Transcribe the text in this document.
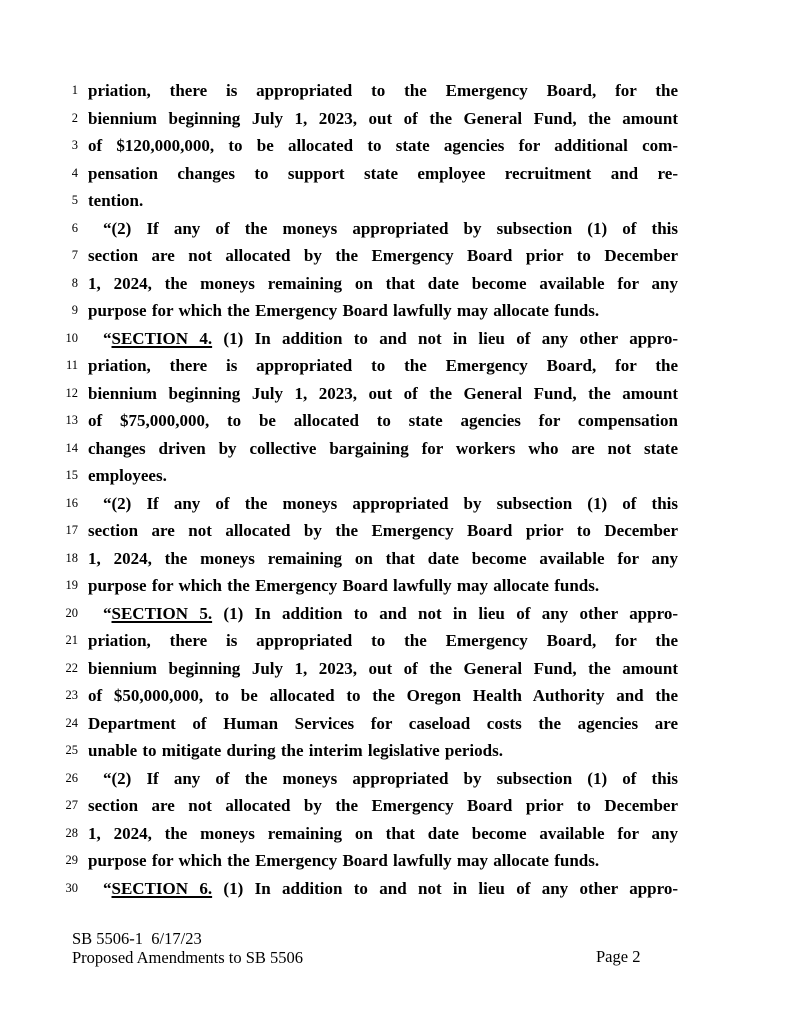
1 priation, there is appropriated to the Emergency Board, for the
2 biennium beginning July 1, 2023, out of the General Fund, the amount
3 of $120,000,000, to be allocated to state agencies for additional com-
4 pensation changes to support state employee recruitment and re-
5 tention.
6	“(2) If any of the moneys appropriated by subsection (1) of this
7 section are not allocated by the Emergency Board prior to December
8 1, 2024, the moneys remaining on that date become available for any
9 purpose for which the Emergency Board lawfully may allocate funds.
10	“SECTION 4. (1) In addition to and not in lieu of any other appro-
11 priation, there is appropriated to the Emergency Board, for the
12 biennium beginning July 1, 2023, out of the General Fund, the amount
13 of $75,000,000, to be allocated to state agencies for compensation
14 changes driven by collective bargaining for workers who are not state
15 employees.
16	“(2) If any of the moneys appropriated by subsection (1) of this
17 section are not allocated by the Emergency Board prior to December
18 1, 2024, the moneys remaining on that date become available for any
19 purpose for which the Emergency Board lawfully may allocate funds.
20	“SECTION 5. (1) In addition to and not in lieu of any other appro-
21 priation, there is appropriated to the Emergency Board, for the
22 biennium beginning July 1, 2023, out of the General Fund, the amount
23 of $50,000,000, to be allocated to the Oregon Health Authority and the
24 Department of Human Services for caseload costs the agencies are
25 unable to mitigate during the interim legislative periods.
26	“(2) If any of the moneys appropriated by subsection (1) of this
27 section are not allocated by the Emergency Board prior to December
28 1, 2024, the moneys remaining on that date become available for any
29 purpose for which the Emergency Board lawfully may allocate funds.
30	“SECTION 6. (1) In addition to and not in lieu of any other appro-
SB 5506-1  6/17/23
Proposed Amendments to SB 5506	Page 2
